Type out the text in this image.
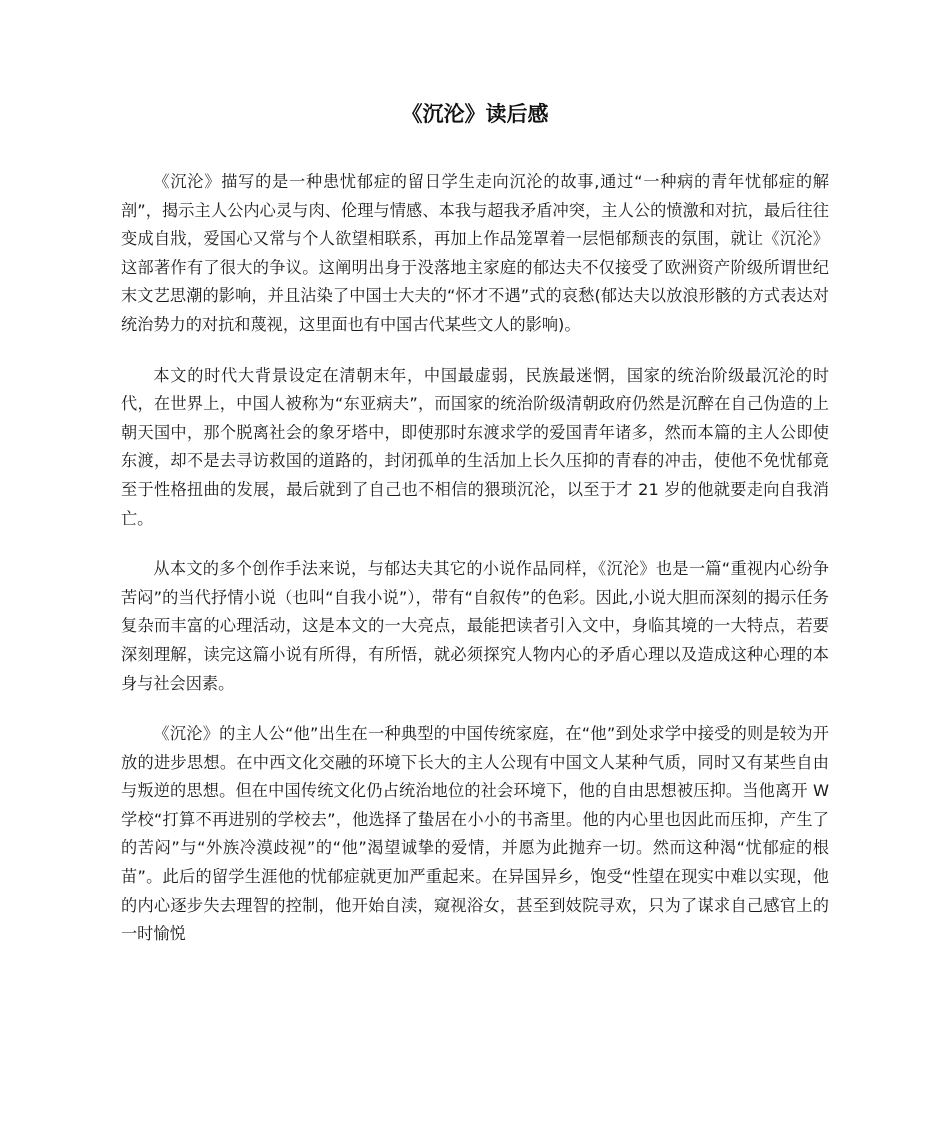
《沉沦》读后感

《沉沦》描写的是一种患忧郁症的留日学生走向沉沦的故事,通过“一种病的青年忧郁症的解剖”，揭示主人公内心灵与肉、伦理与情感、本我与超我矛盾冲突，主人公的愤激和对抗，最后往往变成自戕，爱国心又常与个人欲望相联系，再加上作品笼罩着一层悒郁颓丧的氛围，就让《沉沦》这部著作有了很大的争议。这阐明出身于没落地主家庭的郁达夫不仅接受了欧洲资产阶级所谓世纪末文艺思潮的影响，并且沾染了中国士大夫的“怀才不遇”式的哀愁(郁达夫以放浪形骸的方式表达对统治势力的对抗和蔑视，这里面也有中国古代某些文人的影响)。

本文的时代大背景设定在清朝末年，中国最虚弱，民族最迷惘，国家的统治阶级最沉沦的时代，在世界上，中国人被称为“东亚病夫”，而国家的统治阶级清朝政府仍然是沉醉在自己伪造的上朝天国中，那个脱离社会的象牙塔中，即使那时东渡求学的爱国青年诸多，然而本篇的主人公即使东渡，却不是去寻访救国的道路的，封闭孤单的生活加上长久压抑的青春的冲击，使他不免忧郁竟至于性格扭曲的发展，最后就到了自己也不相信的猥琐沉沦，以至于才 21 岁的他就要走向自我消亡。

从本文的多个创作手法来说，与郁达夫其它的小说作品同样，《沉沦》也是一篇“重视内心纷争苦闷”的当代抒情小说（也叫“自我小说”），带有“自叙传”的色彩。因此,小说大胆而深刻的揭示任务复杂而丰富的心理活动，这是本文的一大亮点，最能把读者引入文中，身临其境的一大特点，若要深刻理解，读完这篇小说有所得，有所悟，就必须探究人物内心的矛盾心理以及造成这种心理的本身与社会因素。

《沉沦》的主人公“他”出生在一种典型的中国传统家庭，在“他”到处求学中接受的则是较为开放的进步思想。在中西文化交融的环境下长大的主人公现有中国文人某种气质，同时又有某些自由与叛逆的思想。但在中国传统文化仍占统治地位的社会环境下，他的自由思想被压抑。当他离开 W 学校“打算不再进别的学校去”，他选择了蛰居在小小的书斋里。他的内心里也因此而压抑，产生了的苦闷”与“外族冷漠歧视”的“他”渴望诚挚的爱情，并愿为此抛弃一切。然而这种渴“忧郁症的根苗”。此后的留学生涯他的忧郁症就更加严重起来。在异国异乡，饱受“性望在现实中难以实现，他的内心逐步失去理智的控制，他开始自渎，窥视浴女，甚至到妓院寻欢，只为了谋求自己感官上的一时愉悦
